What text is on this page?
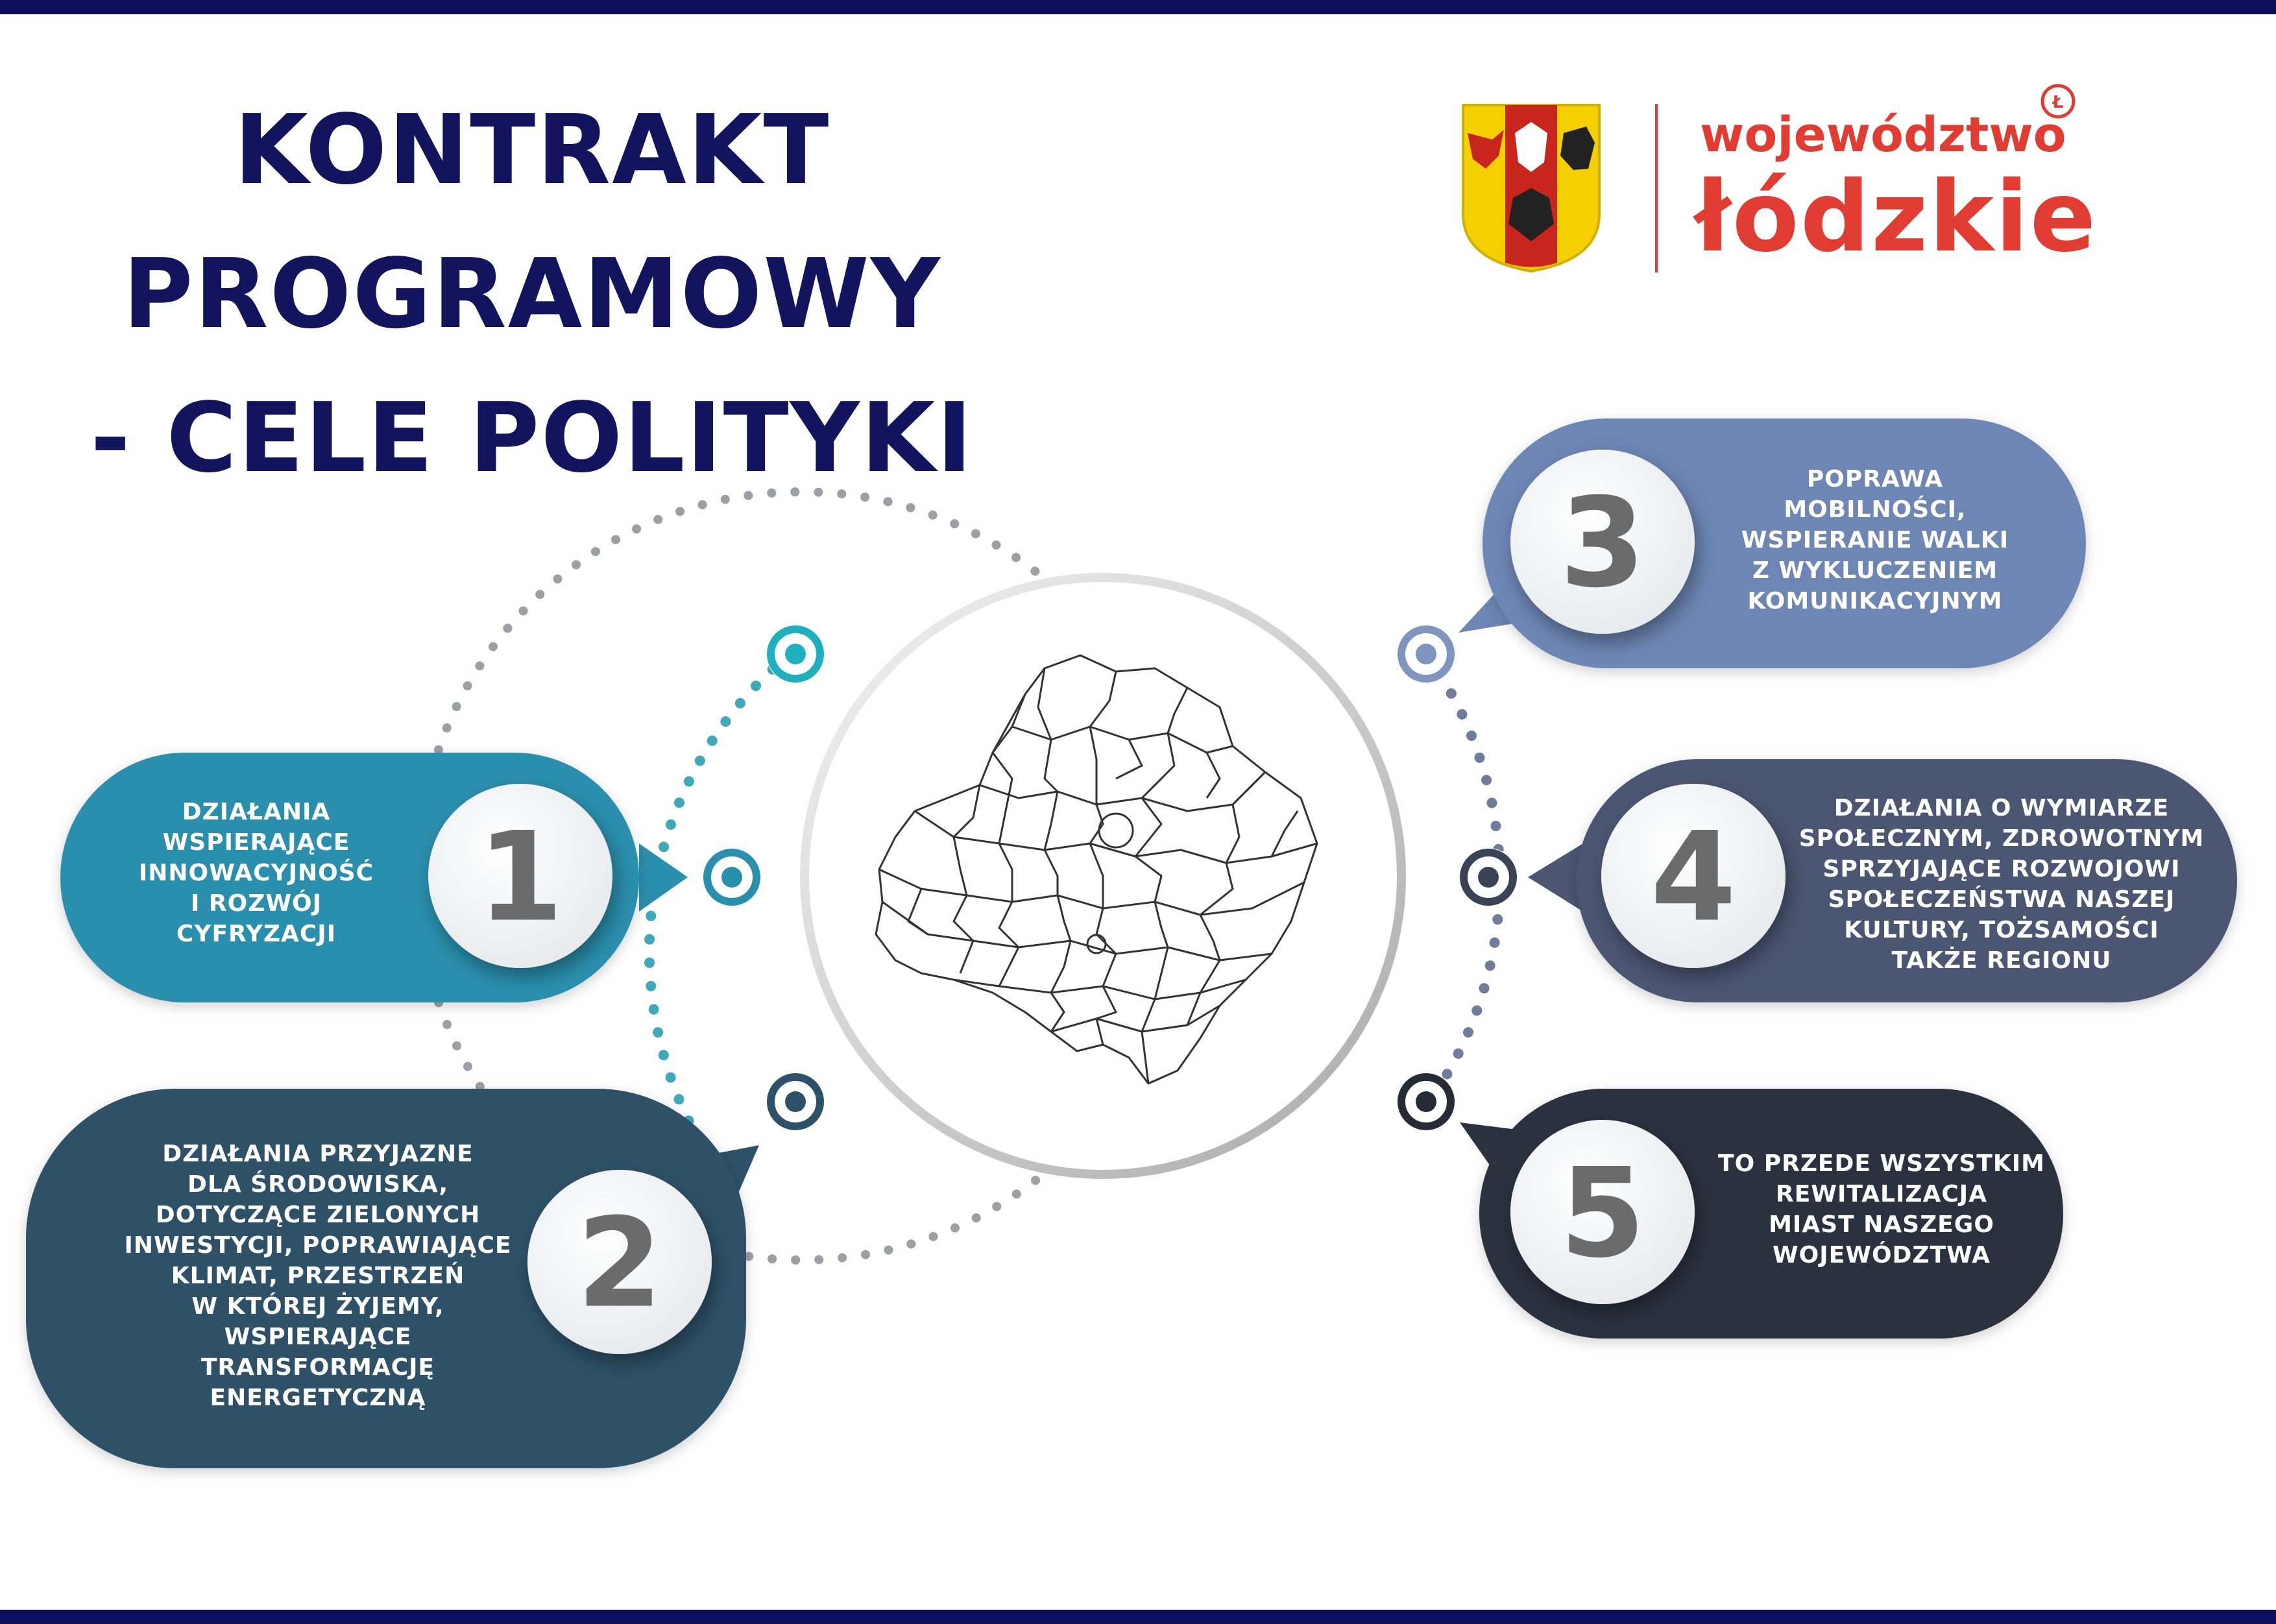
KONTRAKT
PROGRAMOWY
- CELE POLITYKI
1
2
3
4
5
Ł
województwo
łódzkie
DZIAŁANIA
WSPIERAJĄCE
INNOWACYJNOŚĆ
I ROZWÓJ
CYFRYZACJI
DZIAŁANIA PRZYJAZNE
DLA ŚRODOWISKA,
DOTYCZĄCE ZIELONYCH
INWESTYCJI, POPRAWIAJĄCE
KLIMAT, PRZESTRZEŃ
W KTÓREJ ŻYJEMY,
WSPIERAJĄCE
TRANSFORMACJĘ
ENERGETYCZNĄ
POPRAWA
MOBILNOŚCI,
WSPIERANIE WALKI
Z WYKLUCZENIEM
KOMUNIKACYJNYM
DZIAŁANIA O WYMIARZE
SPOŁECZNYM, ZDROWOTNYM
SPRZYJAJĄCE ROZWOJOWI
SPOŁECZEŃSTWA NASZEJ
KULTURY, TOŻSAMOŚCI
TAKŻE REGIONU
TO PRZEDE WSZYSTKIM
REWITALIZACJA
MIAST NASZEGO
WOJEWÓDZTWA
